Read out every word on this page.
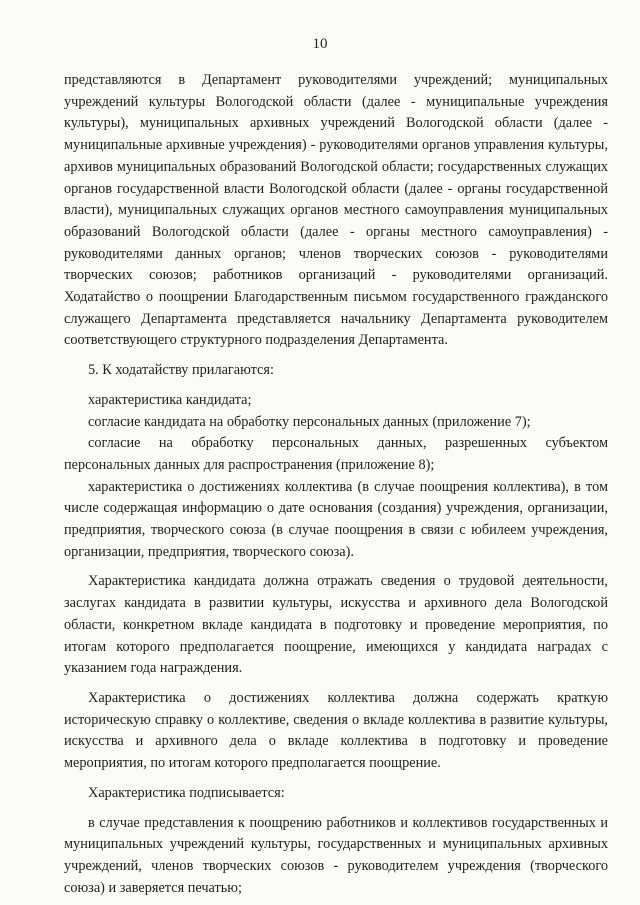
10

представляются в Департамент руководителями учреждений; муниципальных учреждений культуры Вологодской области (далее - муниципальные учреждения культуры), муниципальных архивных учреждений Вологодской области (далее - муниципальные архивные учреждения) - руководителями органов управления культуры, архивов муниципальных образований Вологодской области; государственных служащих органов государственной власти Вологодской области (далее - органы государственной власти), муниципальных служащих органов местного самоуправления муниципальных образований Вологодской области (далее - органы местного самоуправления) - руководителями данных органов; членов творческих союзов - руководителями творческих союзов; работников организаций - руководителями организаций. Ходатайство о поощрении Благодарственным письмом государственного гражданского служащего Департамента представляется начальнику Департамента руководителем соответствующего структурного подразделения Департамента.

5. К ходатайству прилагаются:

характеристика кандидата;

согласие кандидата на обработку персональных данных (приложение 7);

согласие на обработку персональных данных, разрешенных субъектом персональных данных для распространения (приложение 8);

характеристика о достижениях коллектива (в случае поощрения коллектива), в том числе содержащая информацию о дате основания (создания) учреждения, организации, предприятия, творческого союза (в случае поощрения в связи с юбилеем учреждения, организации, предприятия, творческого союза).

Характеристика кандидата должна отражать сведения о трудовой деятельности, заслугах кандидата в развитии культуры, искусства и архивного дела Вологодской области, конкретном вкладе кандидата в подготовку и проведение мероприятия, по итогам которого предполагается поощрение, имеющихся у кандидата наградах с указанием года награждения.

Характеристика о достижениях коллектива должна содержать краткую историческую справку о коллективе, сведения о вкладе коллектива в развитие культуры, искусства и архивного дела о вкладе коллектива в подготовку и проведение мероприятия, по итогам которого предполагается поощрение.

Характеристика подписывается:

в случае представления к поощрению работников и коллективов государственных и муниципальных учреждений культуры, государственных и муниципальных архивных учреждений, членов творческих союзов - руководителем учреждения (творческого союза) и заверяется печатью;
